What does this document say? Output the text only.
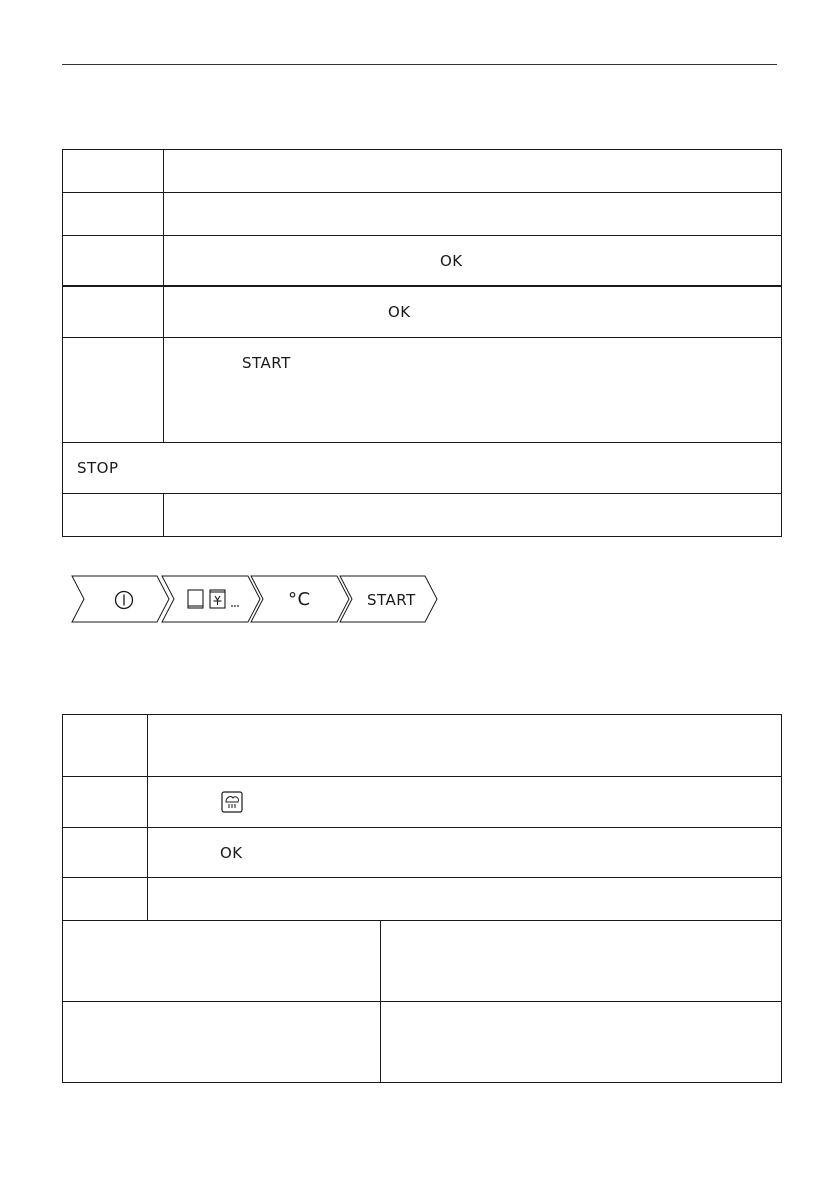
	OK
	OK
	START
STOP	

°C	START

	OK
